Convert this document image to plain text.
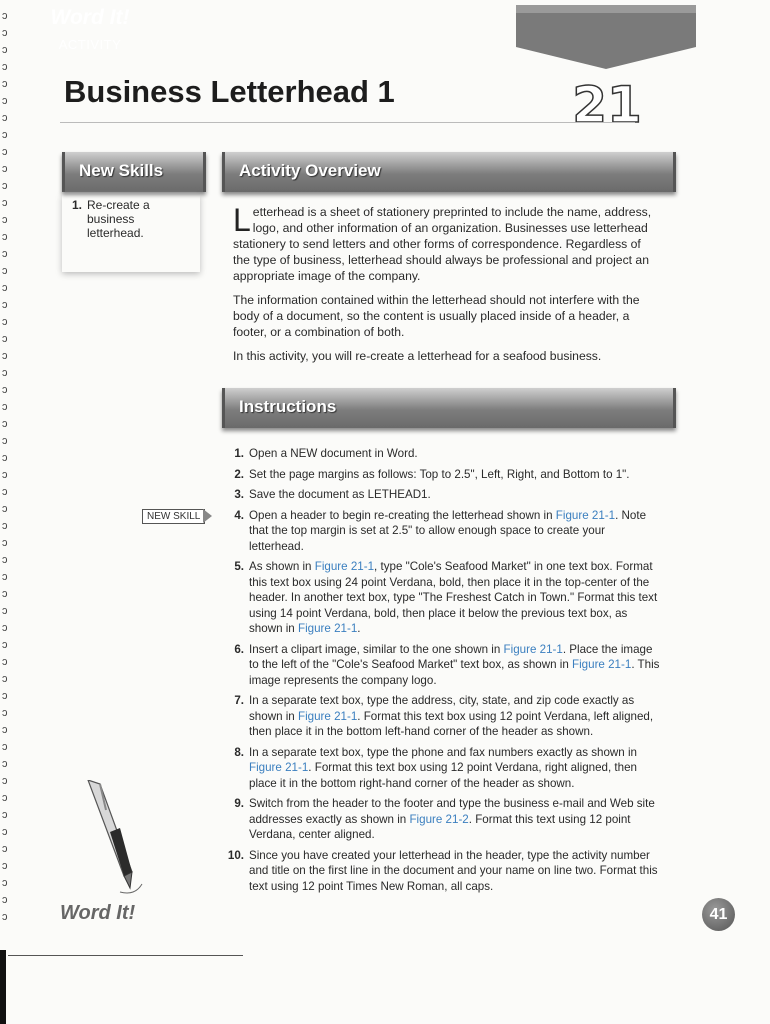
ↄ
ↄ
ↄ
ↄ
ↄ
ↄ
ↄ
ↄ
ↄ
ↄ
ↄ
ↄ
ↄ
ↄ
ↄ
ↄ
ↄ
ↄ
ↄ
ↄ
ↄ
ↄ
ↄ
ↄ
ↄ
ↄ
ↄ
ↄ
ↄ
ↄ
ↄ
ↄ
ↄ
ↄ
ↄ
ↄ
ↄ
ↄ
ↄ
ↄ
ↄ
ↄ
ↄ
ↄ
ↄ
ↄ
ↄ
ↄ
ↄ
ↄ
ↄ
ↄ
ↄ
ↄ
Word It!
ACTIVITY
21
Business Letterhead 1
New Skills
1. Re-create a business letterhead.
Activity Overview

Letterhead is a sheet of stationery preprinted to include the name, address, logo, and other information of an organization. Businesses use letterhead stationery to send letters and other forms of correspondence. Regardless of the type of business, letterhead should always be professional and project an appropriate image of the company.

The information contained within the letterhead should not interfere with the body of a document, so the content is usually placed inside of a header, a footer, or a combination of both.

In this activity, you will re-create a letterhead for a seafood business.

Instructions
NEW SKILL
1. Open a NEW document in Word.
2. Set the page margins as follows: Top to 2.5", Left, Right, and Bottom to 1".
3. Save the document as LETHEAD1.
4. Open a header to begin re-creating the letterhead shown in Figure 21-1. Note that the top margin is set at 2.5" to allow enough space to create your letterhead.
5. As shown in Figure 21-1, type "Cole's Seafood Market" in one text box. Format this text box using 24 point Verdana, bold, then place it in the top-center of the header. In another text box, type "The Freshest Catch in Town." Format this text using 14 point Verdana, bold, then place it below the previous text box, as shown in Figure 21-1.
6. Insert a clipart image, similar to the one shown in Figure 21-1. Place the image to the left of the "Cole's Seafood Market" text box, as shown in Figure 21-1. This image represents the company logo.
7. In a separate text box, type the address, city, state, and zip code exactly as shown in Figure 21-1. Format this text box using 12 point Verdana, left aligned, then place it in the bottom left-hand corner of the header as shown.
8. In a separate text box, type the phone and fax numbers exactly as shown in Figure 21-1. Format this text box using 12 point Verdana, right aligned, then place it in the bottom right-hand corner of the header as shown.
9. Switch from the header to the footer and type the business e-mail and Web site addresses exactly as shown in Figure 21-2. Format this text using 12 point Verdana, center aligned.
10. Since you have created your letterhead in the header, type the activity number and title on the first line in the document and your name on line two. Format this text using 12 point Times New Roman, all caps.
Word It!	41
